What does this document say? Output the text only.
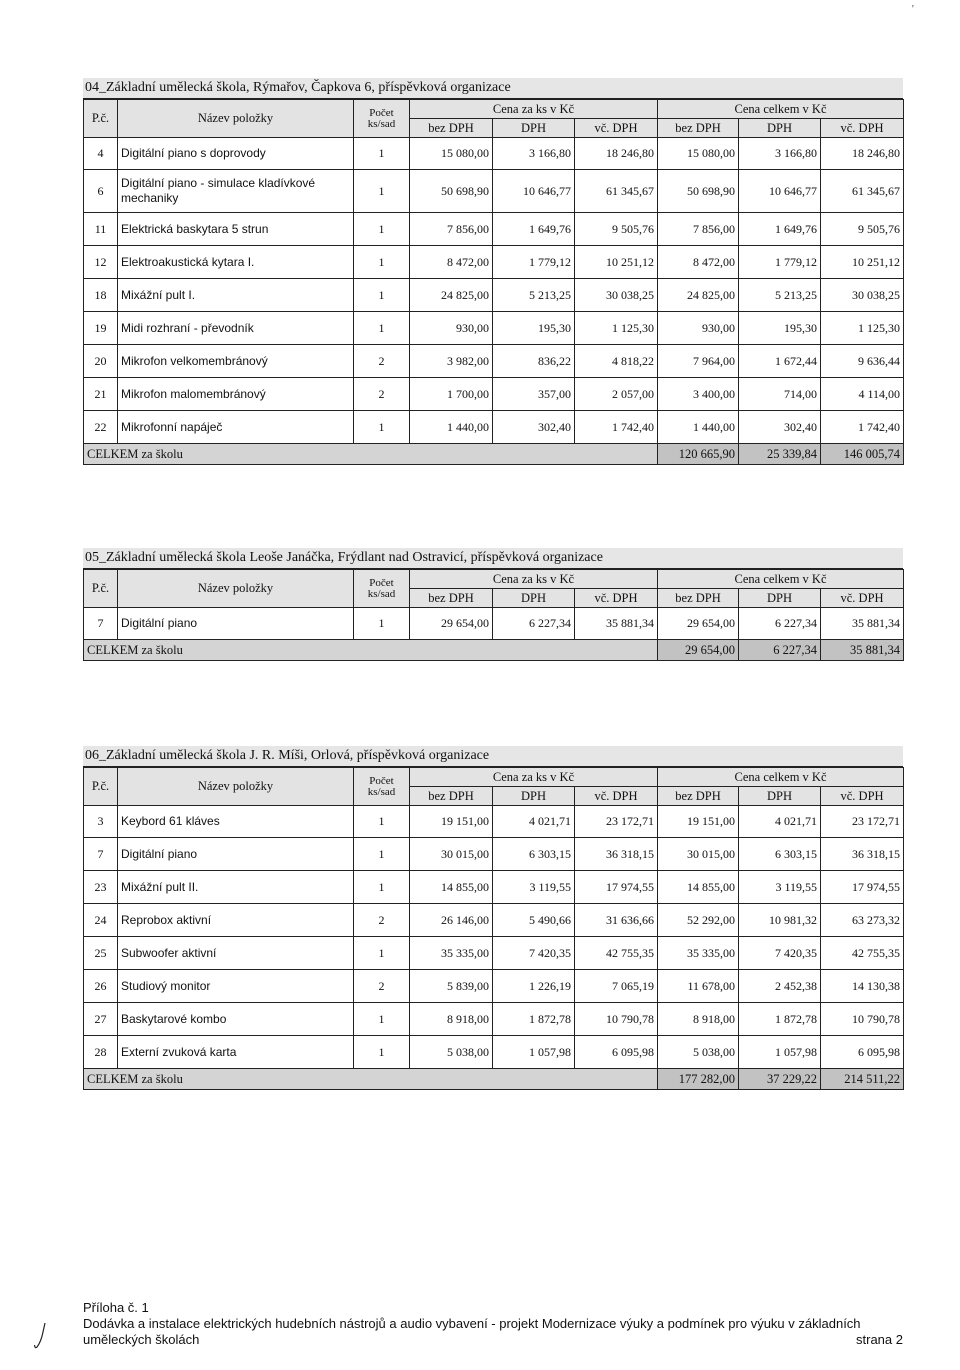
'
04_Základní umělecká škola, Rýmařov, Čapkova 6, příspěvková organizace
P.č.	Název položky	Počet ks/sad	Cena za ks v Kč			Cena celkem v Kč		
			bez DPH	DPH	vč. DPH	bez DPH	DPH	vč. DPH
4	Digitální piano s doprovody	1	15 080,00	3 166,80	18 246,80	15 080,00	3 166,80	18 246,80
6	Digitální piano - simulace kladívkové mechaniky	1	50 698,90	10 646,77	61 345,67	50 698,90	10 646,77	61 345,67
11	Elektrická baskytara 5 strun	1	7 856,00	1 649,76	9 505,76	7 856,00	1 649,76	9 505,76
12	Elektroakustická kytara I.	1	8 472,00	1 779,12	10 251,12	8 472,00	1 779,12	10 251,12
18	Mixážní pult I.	1	24 825,00	5 213,25	30 038,25	24 825,00	5 213,25	30 038,25
19	Midi rozhraní - převodník	1	930,00	195,30	1 125,30	930,00	195,30	1 125,30
20	Mikrofon velkomembránový	2	3 982,00	836,22	4 818,22	7 964,00	1 672,44	9 636,44
21	Mikrofon malomembránový	2	1 700,00	357,00	2 057,00	3 400,00	714,00	4 114,00
22	Mikrofonní napáječ	1	1 440,00	302,40	1 742,40	1 440,00	302,40	1 742,40
CELKEM za školu						120 665,90	25 339,84	146 005,74
05_Základní umělecká škola Leoše Janáčka, Frýdlant nad Ostravicí, příspěvková organizace
P.č.	Název položky	Počet ks/sad	Cena za ks v Kč			Cena celkem v Kč		
			bez DPH	DPH	vč. DPH	bez DPH	DPH	vč. DPH
7	Digitální piano	1	29 654,00	6 227,34	35 881,34	29 654,00	6 227,34	35 881,34
CELKEM za školu						29 654,00	6 227,34	35 881,34
06_Základní umělecká škola J. R. Míši, Orlová, příspěvková organizace
P.č.	Název položky	Počet ks/sad	Cena za ks v Kč			Cena celkem v Kč		
			bez DPH	DPH	vč. DPH	bez DPH	DPH	vč. DPH
3	Keybord 61 kláves	1	19 151,00	4 021,71	23 172,71	19 151,00	4 021,71	23 172,71
7	Digitální piano	1	30 015,00	6 303,15	36 318,15	30 015,00	6 303,15	36 318,15
23	Mixážní pult II.	1	14 855,00	3 119,55	17 974,55	14 855,00	3 119,55	17 974,55
24	Reprobox aktivní	2	26 146,00	5 490,66	31 636,66	52 292,00	10 981,32	63 273,32
25	Subwoofer aktivní	1	35 335,00	7 420,35	42 755,35	35 335,00	7 420,35	42 755,35
26	Studiový monitor	2	5 839,00	1 226,19	7 065,19	11 678,00	2 452,38	14 130,38
27	Baskytarové kombo	1	8 918,00	1 872,78	10 790,78	8 918,00	1 872,78	10 790,78
28	Externí zvuková karta	1	5 038,00	1 057,98	6 095,98	5 038,00	1 057,98	6 095,98
CELKEM za školu						177 282,00	37 229,22	214 511,22
Příloha č. 1
Dodávka a instalace elektrických hudebních nástrojů a audio vybavení - projekt Modernizace výuky a podmínek pro výuku v základních
uměleckých školách	strana 2
